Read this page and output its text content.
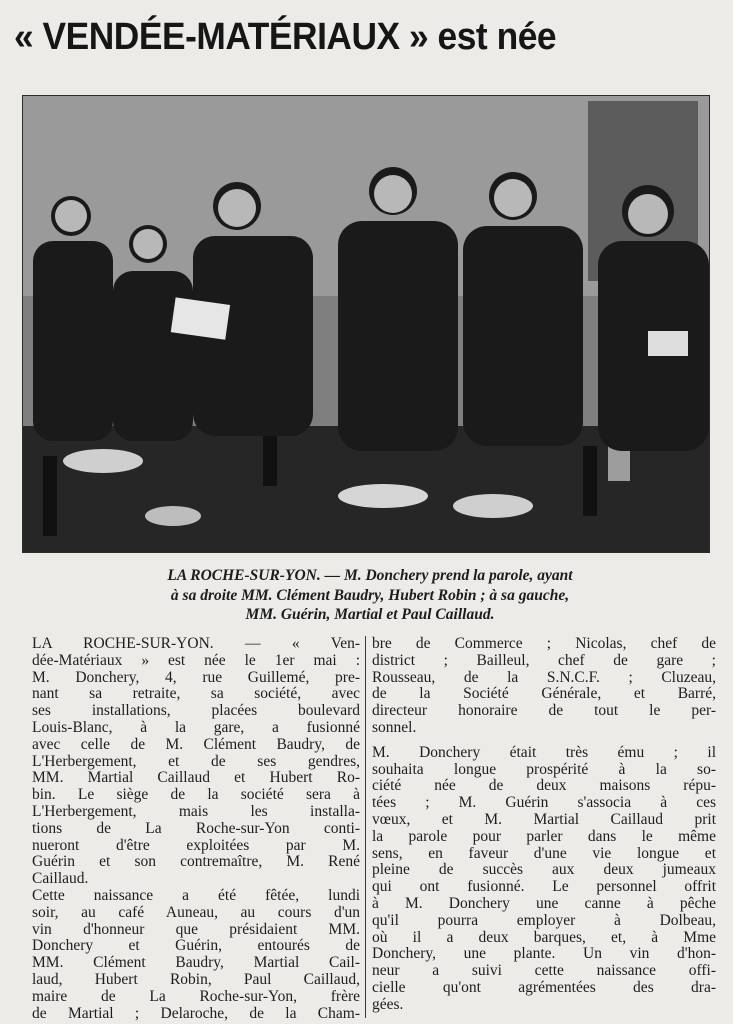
« VENDÉE-MATÉRIAUX » est née
LA ROCHE-SUR-YON. — M. Donchery prend la parole, ayant
à sa droite MM. Clément Baudry, Hubert Robin ; à sa gauche,
MM. Guérin, Martial et Paul Caillaud.
LA ROCHE-SUR-YON. — « Ven-
dée-Matériaux » est née le 1er mai :
M. Donchery, 4, rue Guillemé, pre-
nant sa retraite, sa société, avec
ses installations, placées boulevard
Louis-Blanc, à la gare, a fusionné
avec celle de M. Clément Baudry, de
L'Herbergement, et de ses gendres,
MM. Martial Caillaud et Hubert Ro-
bin. Le siège de la société sera à
L'Herbergement, mais les installa-
tions de La Roche-sur-Yon conti-
nueront d'être exploitées par M.
Guérin et son contremaître, M. René
Caillaud.
Cette naissance a été fêtée, lundi
soir, au café Auneau, au cours d'un
vin d'honneur que présidaient MM.
Donchery et Guérin, entourés de
MM. Clément Baudry, Martial Cail-
laud, Hubert Robin, Paul Caillaud,
maire de La Roche-sur-Yon, frère
de Martial ; Delaroche, de la Cham-
bre de Commerce ; Nicolas, chef de
district ; Bailleul, chef de gare ;
Rousseau, de la S.N.C.F. ; Cluzeau,
de la Société Générale, et Barré,
directeur honoraire de tout le per-
sonnel.
M. Donchery était très ému ; il
souhaita longue prospérité à la so-
ciété née de deux maisons répu-
tées ; M. Guérin s'associa à ces
vœux, et M. Martial Caillaud prit
la parole pour parler dans le même
sens, en faveur d'une vie longue et
pleine de succès aux deux jumeaux
qui ont fusionné. Le personnel offrit
à M. Donchery une canne à pêche
qu'il pourra employer à Dolbeau,
où il a deux barques, et, à Mme
Donchery, une plante. Un vin d'hon-
neur a suivi cette naissance offi-
cielle qu'ont agrémentées des dra-
gées.
